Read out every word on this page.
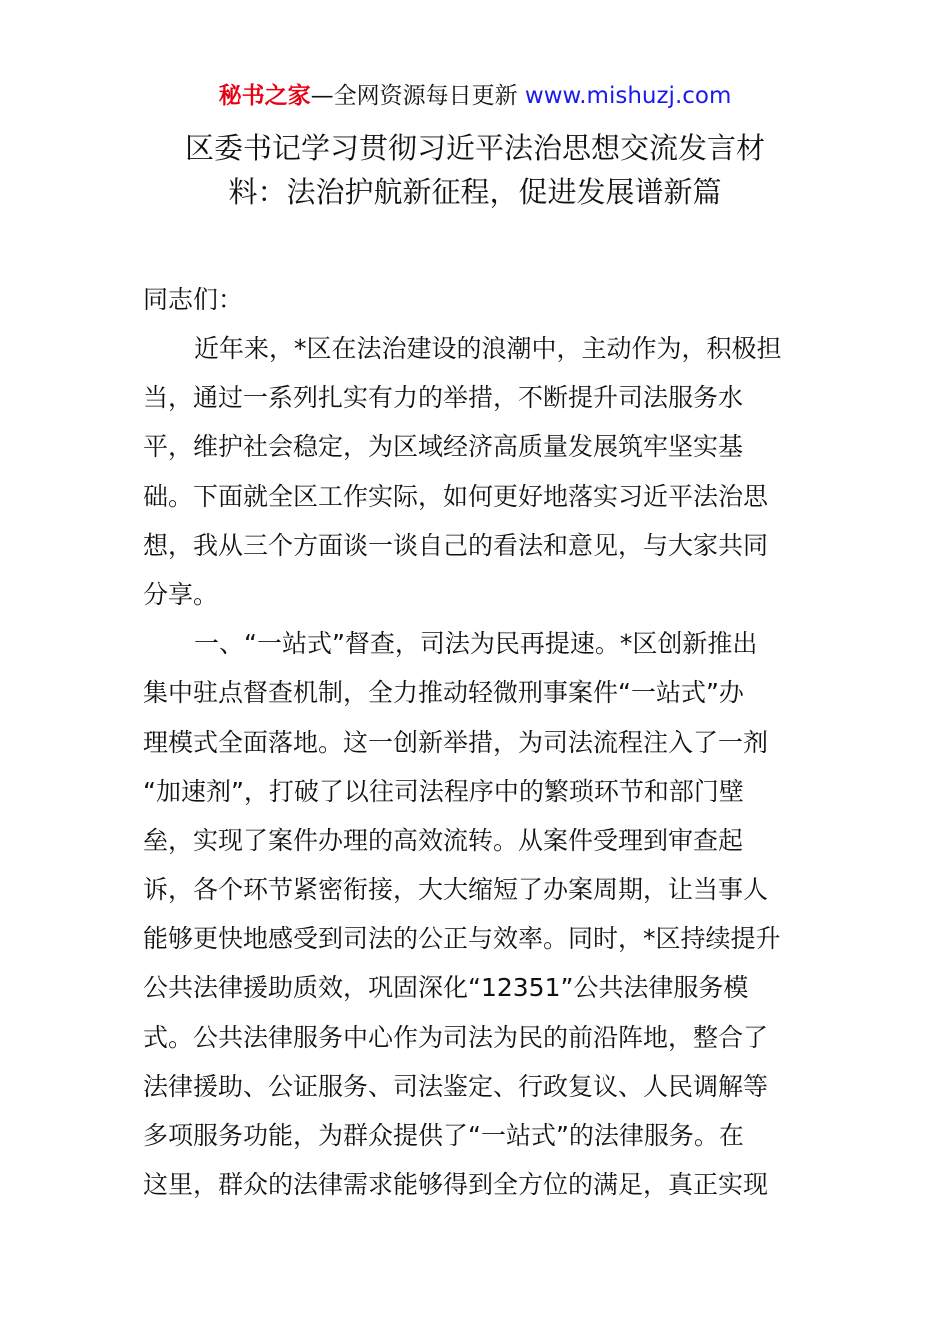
秘书之家—全网资源每日更新 www.mishuzj.com
区委书记学习贯彻习近平法治思想交流发言材
料：法治护航新征程，促进发展谱新篇
同志们：
近年来，*区在法治建设的浪潮中，主动作为，积极担
当，通过一系列扎实有力的举措，不断提升司法服务水
平，维护社会稳定，为区域经济高质量发展筑牢坚实基
础。下面就全区工作实际，如何更好地落实习近平法治思
想，我从三个方面谈一谈自己的看法和意见，与大家共同
分享。
一、“一站式”督查，司法为民再提速。*区创新推出
集中驻点督查机制，全力推动轻微刑事案件“一站式”办
理模式全面落地。这一创新举措，为司法流程注入了一剂
“加速剂”，打破了以往司法程序中的繁琐环节和部门壁
垒，实现了案件办理的高效流转。从案件受理到审查起
诉，各个环节紧密衔接，大大缩短了办案周期，让当事人
能够更快地感受到司法的公正与效率。同时，*区持续提升
公共法律援助质效，巩固深化“12351”公共法律服务模
式。公共法律服务中心作为司法为民的前沿阵地，整合了
法律援助、公证服务、司法鉴定、行政复议、人民调解等
多项服务功能，为群众提供了“一站式”的法律服务。在
这里，群众的法律需求能够得到全方位的满足，真正实现
